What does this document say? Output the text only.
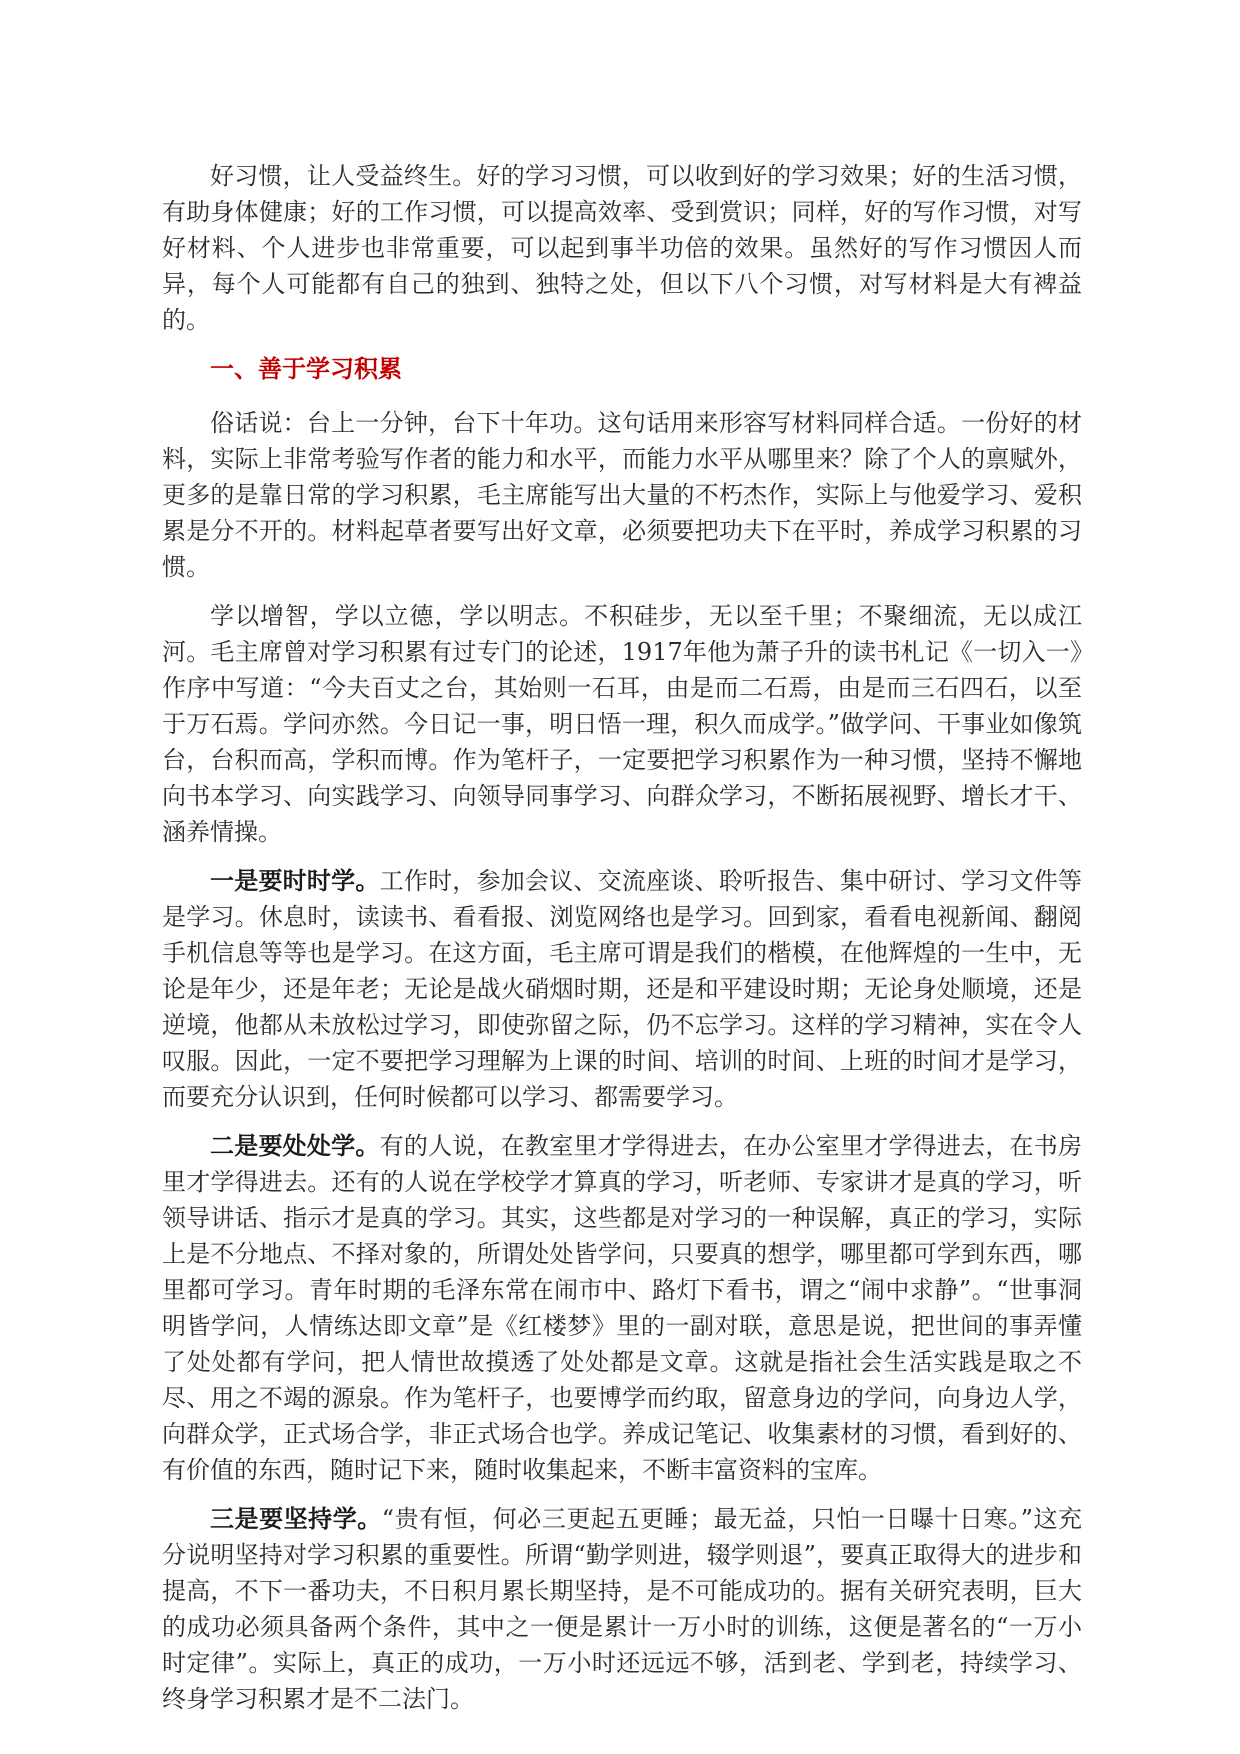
好习惯，让人受益终生。好的学习习惯，可以收到好的学习效果；好的生活习惯，有助身体健康；好的工作习惯，可以提高效率、受到赏识；同样，好的写作习惯，对写好材料、个人进步也非常重要，可以起到事半功倍的效果。虽然好的写作习惯因人而异，每个人可能都有自己的独到、独特之处，但以下八个习惯，对写材料是大有裨益的。

一、善于学习积累

俗话说：台上一分钟，台下十年功。这句话用来形容写材料同样合适。一份好的材料，实际上非常考验写作者的能力和水平，而能力水平从哪里来？除了个人的禀赋外，更多的是靠日常的学习积累，毛主席能写出大量的不朽杰作，实际上与他爱学习、爱积累是分不开的。材料起草者要写出好文章，必须要把功夫下在平时，养成学习积累的习惯。

学以增智，学以立德，学以明志。不积硅步，无以至千里；不聚细流，无以成江河。毛主席曾对学习积累有过专门的论述，1917年他为萧子升的读书札记《一切入一》作序中写道：“今夫百丈之台，其始则一石耳，由是而二石焉，由是而三石四石，以至于万石焉。学问亦然。今日记一事，明日悟一理，积久而成学。”做学问、干事业如像筑台，台积而高，学积而博。作为笔杆子，一定要把学习积累作为一种习惯，坚持不懈地向书本学习、向实践学习、向领导同事学习、向群众学习，不断拓展视野、增长才干、涵养情操。

一是要时时学。工作时，参加会议、交流座谈、聆听报告、集中研讨、学习文件等是学习。休息时，读读书、看看报、浏览网络也是学习。回到家，看看电视新闻、翻阅手机信息等等也是学习。在这方面，毛主席可谓是我们的楷模，在他辉煌的一生中，无论是年少，还是年老；无论是战火硝烟时期，还是和平建设时期；无论身处顺境，还是逆境，他都从未放松过学习，即使弥留之际，仍不忘学习。这样的学习精神，实在令人叹服。因此，一定不要把学习理解为上课的时间、培训的时间、上班的时间才是学习，而要充分认识到，任何时候都可以学习、都需要学习。

二是要处处学。有的人说，在教室里才学得进去，在办公室里才学得进去，在书房里才学得进去。还有的人说在学校学才算真的学习，听老师、专家讲才是真的学习，听领导讲话、指示才是真的学习。其实，这些都是对学习的一种误解，真正的学习，实际上是不分地点、不择对象的，所谓处处皆学问，只要真的想学，哪里都可学到东西，哪里都可学习。青年时期的毛泽东常在闹市中、路灯下看书，谓之“闹中求静”。“世事洞明皆学问，人情练达即文章”是《红楼梦》里的一副对联，意思是说，把世间的事弄懂了处处都有学问，把人情世故摸透了处处都是文章。这就是指社会生活实践是取之不尽、用之不竭的源泉。作为笔杆子，也要博学而约取，留意身边的学问，向身边人学，向群众学，正式场合学，非正式场合也学。养成记笔记、收集素材的习惯，看到好的、有价值的东西，随时记下来，随时收集起来，不断丰富资料的宝库。

三是要坚持学。“贵有恒，何必三更起五更睡；最无益，只怕一日曝十日寒。”这充分说明坚持对学习积累的重要性。所谓“勤学则进，辍学则退”，要真正取得大的进步和提高，不下一番功夫，不日积月累长期坚持，是不可能成功的。据有关研究表明，巨大的成功必须具备两个条件，其中之一便是累计一万小时的训练，这便是著名的“一万小时定律”。实际上，真正的成功，一万小时还远远不够，活到老、学到老，持续学习、终身学习积累才是不二法门。
